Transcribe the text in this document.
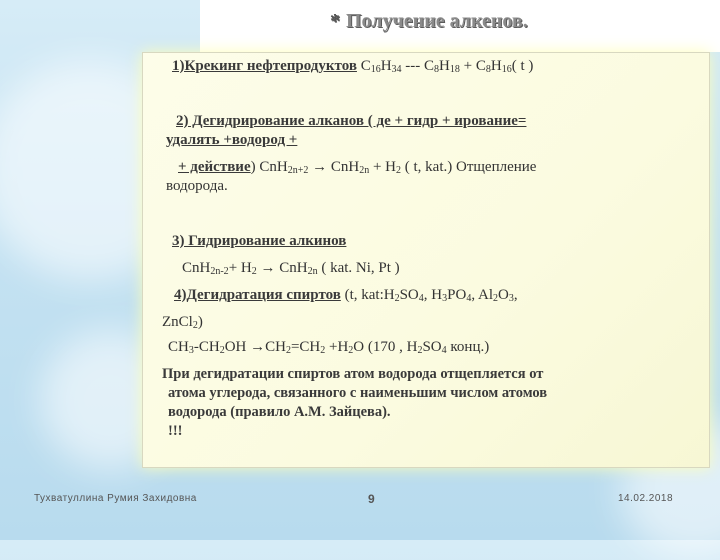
* Получение алкенов.
1)Крекинг нефтепродуктов $C_{16}H_{34}$ --- $C_8H_{18} + C_8H_{16}$( t )
2) Дегидрирование алканов ( де + гидр + ирование=
удалять +водород +
+ действие) $CnH_{2n+2} \to CnH_{2n} + H_2$ ( t, kat.) Отщепление
водорода.
3) Гидрирование алкинов
$CnH_{2n-2}+ H_2 \to CnH_{2n}$ ( kat. Ni, Pt )
4)Дегидратация спиртов (t, $kat:H_2SO_4$, $H_3PO_4$, $Al_2O_3$,
ZnCl$_2$)
$CH_3-CH_2OH \to CH_2=CH_2 +H_2O$ (170 , $H_2SO_4$ конц.)
При дегидратации спиртов атом водорода отщепляется от
атома углерода, связанного с наименьшим числом атомов
водорода (правило А.М. Зайцева).
!!!
Тухватуллина Румия Захидовна	9	14.02.2018
